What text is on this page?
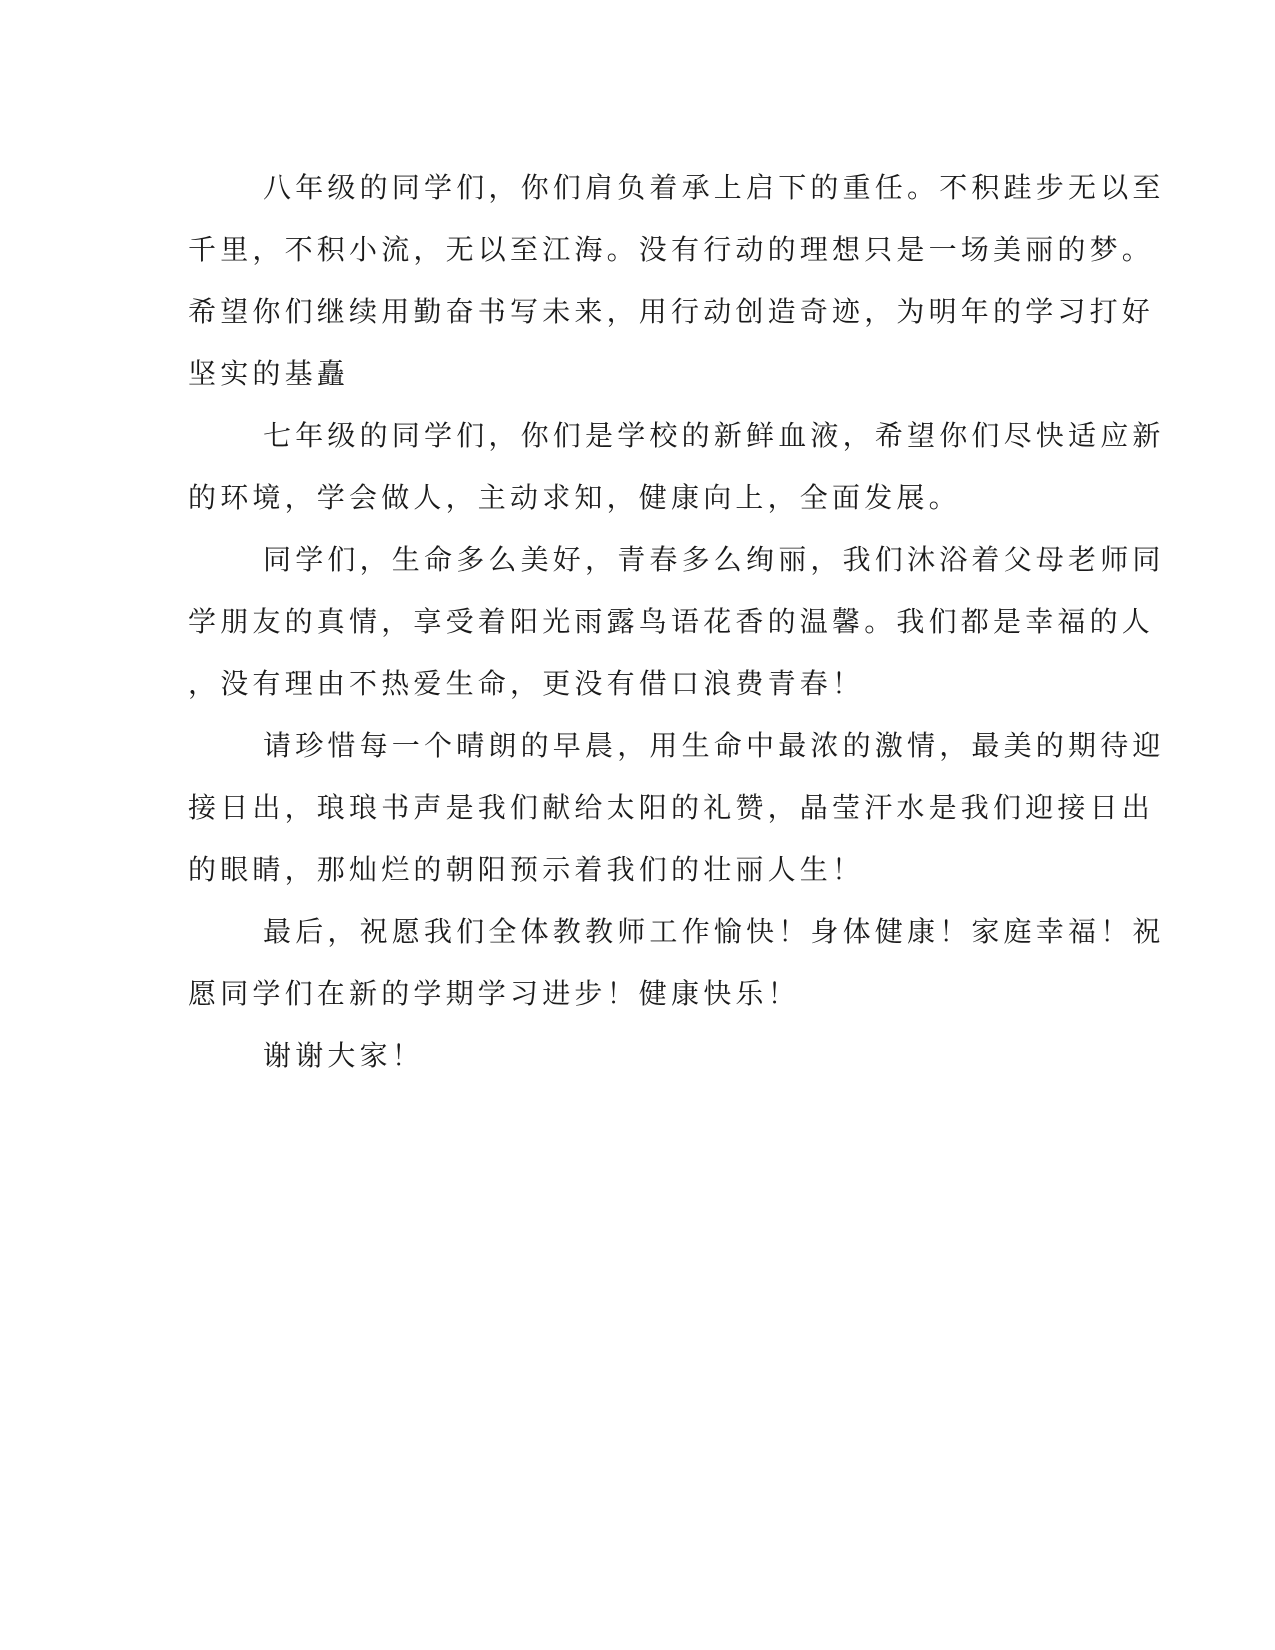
八年级的同学们，你们肩负着承上启下的重任。不积跬步无以至
千里，不积小流，无以至江海。没有行动的理想只是一场美丽的梦。
希望你们继续用勤奋书写未来，用行动创造奇迹，为明年的学习打好
坚实的基矗
七年级的同学们，你们是学校的新鲜血液，希望你们尽快适应新
的环境，学会做人，主动求知，健康向上，全面发展。
同学们，生命多么美好，青春多么绚丽，我们沐浴着父母老师同
学朋友的真情，享受着阳光雨露鸟语花香的温馨。我们都是幸福的人
，没有理由不热爱生命，更没有借口浪费青春！
请珍惜每一个晴朗的早晨，用生命中最浓的激情，最美的期待迎
接日出，琅琅书声是我们献给太阳的礼赞，晶莹汗水是我们迎接日出
的眼睛，那灿烂的朝阳预示着我们的壮丽人生！
最后，祝愿我们全体教教师工作愉快！身体健康！家庭幸福！祝
愿同学们在新的学期学习进步！健康快乐！
谢谢大家！
